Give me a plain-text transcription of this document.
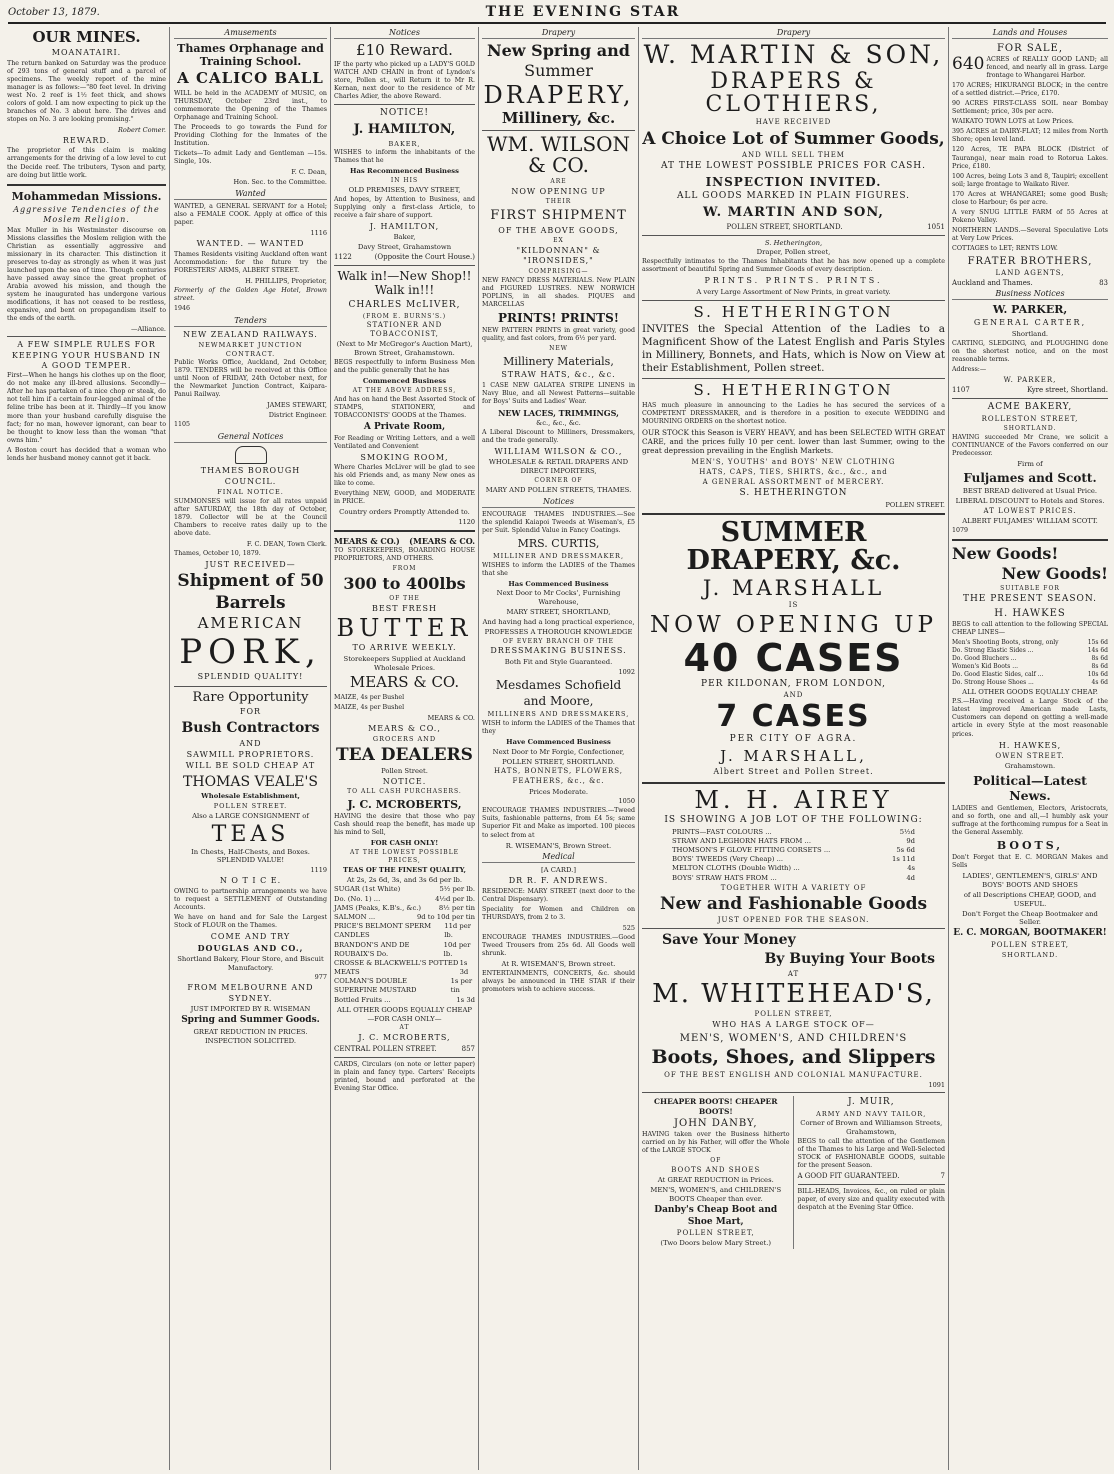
October 13, 1879.	THE EVENING STAR
OUR MINES.
MOANATAIRI.

The return banked on Saturday was the produce of 293 tons of general stuff and a parcel of specimens. The weekly report of the mine manager is as follows:—"80 feet level. In driving west No. 2 reef is 1½ feet thick, and shows colors of gold. I am now expecting to pick up the branches of No. 3 about here. The drives and stopes on No. 3 are looking promising."

Robert Comer.
REWARD.

The proprietor of this claim is making arrangements for the driving of a low level to cut the Decide reef. The tributers, Tyson and party, are doing but little work.

Mohammedan Missions.
Aggressive Tendencies of the Moslem Religion.

Max Muller in his Westminster discourse on Missions classifies the Moslem religion with the Christian as essentially aggressive and missionary in its character. This distinction it preserves to-day as strongly as when it was just launched upon the sea of time. Though centuries have passed away since the great prophet of Arabia avowed his mission, and though the system he inaugurated has undergone various modifications, it has not ceased to be restless, expansive, and bent on propagandism itself to the ends of the earth.

—Alliance.
A FEW SIMPLE RULES FOR KEEPING YOUR HUSBAND IN A GOOD TEMPER.

First—When he hangs his clothes up on the floor, do not make any ill-bred allusions. Secondly—After he has partaken of a nice chop or steak, do not tell him if a certain four-legged animal of the feline tribe has been at it. Thirdly—If you know more than your husband carefully disguise the fact; for no man, however ignorant, can bear to be thought to know less than the woman "that owns him."

A Boston court has decided that a woman who lends her husband money cannot get it back.

Amusements
Thames Orphanage and Training School.
A CALICO BALL

WILL be held in the ACADEMY of MUSIC, on THURSDAY, October 23rd inst., to commemorate the Opening of the Thames Orphanage and Training School.

The Proceeds to go towards the Fund for Providing Clothing for the Inmates of the Institution.

Tickets—To admit Lady and Gentleman —15s. Single, 10s.

F. C. Dean,
Hon. Sec. to the Committee.
Wanted

WANTED, a GENERAL SERVANT for a Hotel; also a FEMALE COOK. Apply at office of this paper.

1116
WANTED. — WANTED

Thames Residents visiting Auckland often want Accommodation: for the future try the FORESTERS' ARMS, ALBERT STREET.

H. PHILLIPS, Proprietor,
Formerly of the Golden Age Hotel, Brown street.
1946
Tenders
NEW ZEALAND RAILWAYS.
NEWMARKET JUNCTION CONTRACT.

Public Works Office, Auckland, 2nd October, 1879. TENDERS will be received at this Office until Noon of FRIDAY, 24th October next, for the Newmarket Junction Contract, Kaipara-Panui Railway.

JAMES STEWART,
District Engineer.
1105
General Notices
THAMES BOROUGH COUNCIL.
FINAL NOTICE.

SUMMONSES will issue for all rates unpaid after SATURDAY, the 18th day of October, 1879. Collector will be at the Council Chambers to receive rates daily up to the above date.

F. C. DEAN, Town Clerk.
Thames, October 10, 1879.
JUST RECEIVED—
Shipment of 50
Barrels
AMERICAN
PORK,
SPLENDID QUALITY!
Rare Opportunity
FOR
Bush Contractors
AND
SAWMILL PROPRIETORS.
WILL BE SOLD CHEAP AT
THOMAS VEALE'S
Wholesale Establishment,
POLLEN STREET.
Also a LARGE CONSIGNMENT of
TEAS
In Chests, Half-Chests, and Boxes. SPLENDID VALUE!
1119
N O T I C E.

OWING to partnership arrangements we have to request a SETTLEMENT of Outstanding Accounts.

We have on hand and for Sale the Largest Stock of FLOUR on the Thames.

COME AND TRY
DOUGLAS AND CO.,
Shortland Bakery, Flour Store, and Biscuit Manufactory.
977
FROM MELBOURNE AND SYDNEY.
JUST IMPORTED BY R. WISEMAN
Spring and Summer Goods.
GREAT REDUCTION IN PRICES. INSPECTION SOLICITED.
Notices
£10 Reward.

IF the party who picked up a LADY'S GOLD WATCH AND CHAIN in front of Lyndon's store, Pollen st., will Return it to Mr R. Kernan, next door to the residence of Mr Charles Adier, the above Reward.

NOTICE!
J. HAMILTON,
BAKER,

WISHES to inform the inhabitants of the Thames that he

Has Recommenced Business
IN HIS
OLD PREMISES, DAVY STREET,

And hopes, by Attention to Business, and Supplying only a first-class Article, to receive a fair share of support.

J. HAMILTON,
Baker,
Davy Street, Grahamstown
1122	(Opposite the Court House.)
Walk in!—New Shop!! Walk in!!!
CHARLES McLIVER,
(FROM E. BURNS'S.)
STATIONER AND TOBACCONIST,
(Next to Mr McGregor's Auction Mart), Brown Street, Grahamstown.

BEGS respectfully to inform Business Men and the public generally that he has

Commenced Business
AT THE ABOVE ADDRESS,

And has on hand the Best Assorted Stock of STAMPS, STATIONERY, and TOBACCONISTS' GOODS at the Thames.

A Private Room,

For Reading or Writing Letters, and a well Ventilated and Convenient

SMOKING ROOM,

Where Charles McLiver will be glad to see his old Friends and, as many New ones as like to come.

Everything NEW, GOOD, and MODERATE in PRICE.

Country orders Promptly Attended to.
1120
MEARS & CO.) (MEARS & CO.

TO STOREKEEPERS, BOARDING HOUSE PROPRIETORS, AND OTHERS.

FROM
300 to 400lbs
OF THE
BEST FRESH
BUTTER
TO ARRIVE WEEKLY.
Storekeepers Supplied at Auckland Wholesale Prices.
MEARS & CO.
MAIZE, 4s per Bushel
MAIZE, 4s per Bushel
MEARS & CO.
MEARS & CO.,
GROCERS AND
TEA DEALERS
Pollen Street.
NOTICE.
TO ALL CASH PURCHASERS.
J. C. MCROBERTS,

HAVING the desire that those who pay Cash should reap the benefit, has made up his mind to Sell,

FOR CASH ONLY!
AT THE LOWEST POSSIBLE PRICES,
TEAS OF THE FINEST QUALITY,
At 2s, 2s 6d, 3s, and 3s 6d per lb.
SUGAR (1st White)	5½ per lb.
Do. (No. 1) ...	4½d per lb.
JAMS (Peaks, K.B's., &c.)	8½ per tin
SALMON ...	9d to 10d per tin
PRICE'S BELMONT SPERM CANDLES
11d per lb.
BRANDON'S AND DE ROUBAIX'S Do.
10d per lb.
CROSSE & BLACKWELL'S POTTED MEATS
1s 3d
COLMAN'S DOUBLE SUPERFINE MUSTARD
1s per tin
Bottled Fruits ...	1s 3d
ALL OTHER GOODS EQUALLY CHEAP —FOR CASH ONLY—
AT
J. C. MCROBERTS,
CENTRAL POLLEN STREET.	857

CARDS, Circulars (on note or letter paper) in plain and fancy type. Carters' Receipts printed, bound and perforated at the Evening Star Office.

Drapery
New Spring and
Summer
DRAPERY,
Millinery, &c.
WM. WILSON & CO.
ARE
NOW OPENING UP
THEIR
FIRST SHIPMENT
OF THE ABOVE GOODS,
EX
"KILDONNAN" & "IRONSIDES,"
COMPRISING—

NEW FANCY DRESS MATERIALS. New PLAIN and FIGURED LUSTRES. NEW NORWICH POPLINS, in all shades. PIQUES and MARCELLAS

PRINTS! PRINTS!

NEW PATTERN PRINTS in great variety, good quality, and fast colors, from 6½ per yard.

NEW
Millinery Materials,
STRAW HATS, &c., &c.

1 CASE NEW GALATEA STRIPE LINENS in Navy Blue, and all Newest Patterns—suitable for Boys' Suits and Ladies' Wear.

NEW LACES, TRIMMINGS,
&c., &c., &c.

A Liberal Discount to Milliners, Dressmakers, and the trade generally.

WILLIAM WILSON & CO.,
WHOLESALE & RETAIL DRAPERS AND DIRECT IMPORTERS,
CORNER OF
MARY AND POLLEN STREETS, THAMES.
Notices

ENCOURAGE THAMES INDUSTRIES.—See the splendid Kaiapoi Tweeds at Wiseman's, £5 per Suit. Splendid Value in Fancy Coatings.

MRS. CURTIS,
MILLINER AND DRESSMAKER,

WISHES to inform the LADIES of the Thames that she

Has Commenced Business
Next Door to Mr Cocks', Furnishing Warehouse,
MARY STREET, SHORTLAND,
And having had a long practical experience,
PROFESSES A THOROUGH KNOWLEDGE
OF EVERY BRANCH OF THE
DRESSMAKING BUSINESS.
Both Fit and Style Guaranteed.
1092
Mesdames Schofield
and Moore,
MILLINERS AND DRESSMAKERS,

WISH to inform the LADIES of the Thames that they

Have Commenced Business
Next Door to Mr Forgie, Confectioner,
POLLEN STREET, SHORTLAND.
HATS, BONNETS, FLOWERS,
FEATHERS, &c., &c.
Prices Moderate.
1050

ENCOURAGE THAMES INDUSTRIES.—Tweed Suits, fashionable patterns, from £4 5s; same Superior Fit and Make as imported. 100 pieces to select from at

R. WISEMAN'S, Brown Street.
Medical
[A CARD.]
DR R. F. ANDREWS.

RESIDENCE: MARY STREET (next door to the Central Dispensary).

Speciality for Women and Children on THURSDAYS, from 2 to 3.

525

ENCOURAGE THAMES INDUSTRIES.—Good Tweed Trousers from 25s 6d. All Goods well shrunk.

At R. WISEMAN'S, Brown street.

ENTERTAINMENTS, CONCERTS, &c. should always be announced in THE STAR if their promoters wish to achieve success.

Drapery
W. MARTIN & SON,
DRAPERS & CLOTHIERS,
HAVE RECEIVED
A Choice Lot of Summer Goods,
AND WILL SELL THEM
AT THE LOWEST POSSIBLE PRICES FOR CASH.
INSPECTION INVITED.
ALL GOODS MARKED IN PLAIN FIGURES.
W. MARTIN AND SON,
POLLEN STREET, SHORTLAND.	1051
S. Hetherington,
Draper, Pollen street,

Respectfully intimates to the Thames Inhabitants that he has now opened up a complete assortment of beautiful Spring and Summer Goods of every description.

PRINTS. PRINTS. PRINTS.
A very Large Assortment of New Prints, in great variety.
S. HETHERINGTON

INVITES the Special Attention of the Ladies to a Magnificent Show of the Latest English and Paris Styles in Millinery, Bonnets, and Hats, which is Now on View at their Establishment, Pollen street.

S. HETHERINGTON

HAS much pleasure in announcing to the Ladies he has secured the services of a COMPETENT DRESSMAKER, and is therefore in a position to execute WEDDING and MOURNING ORDERS on the shortest notice.

OUR STOCK this Season is VERY HEAVY, and has been SELECTED WITH GREAT CARE, and the prices fully 10 per cent. lower than last Summer, owing to the great depression prevailing in the English Markets.

MEN'S, YOUTHS' and BOYS' NEW CLOTHING
HATS, CAPS, TIES, SHIRTS, &c., &c., and
A GENERAL ASSORTMENT of MERCERY.
S. HETHERINGTON
POLLEN STREET.
SUMMER DRAPERY, &c.
J. MARSHALL
IS
NOW OPENING UP
40 CASES
PER KILDONAN, FROM LONDON,
AND
7 CASES
PER CITY OF AGRA.
J. MARSHALL,
Albert Street and Pollen Street.
M. H. AIREY
IS SHOWING A JOB LOT OF THE FOLLOWING:
PRINTS—FAST COLOURS ...	5½d
STRAW AND LEGHORN HATS FROM ...	9d
THOMSON'S F GLOVE FITTING CORSETS ...	5s 6d
BOYS' TWEEDS (Very Cheap) ...	1s 11d
MELTON CLOTHS (Double Width) ...	4s
BOYS' STRAW HATS FROM ...	4d
TOGETHER WITH A VARIETY OF
New and Fashionable Goods
JUST OPENED FOR THE SEASON.
Save Your Money
By Buying Your Boots
AT
M. WHITEHEAD'S,
POLLEN STREET,
WHO HAS A LARGE STOCK OF—
MEN'S, WOMEN'S, AND CHILDREN'S
Boots, Shoes, and Slippers
OF THE BEST ENGLISH AND COLONIAL MANUFACTURE.
1091
CHEAPER BOOTS! CHEAPER BOOTS!
JOHN DANBY,

HAVING taken over the Business hitherto carried on by his Father, will offer the Whole of the LARGE STOCK

OF
BOOTS AND SHOES
At GREAT REDUCTION in Prices.
MEN'S, WOMEN'S, and CHILDREN'S BOOTS Cheaper than ever.
Danby's Cheap Boot and Shoe Mart,
POLLEN STREET,
(Two Doors below Mary Street.)
J. MUIR,
ARMY AND NAVY TAILOR,
Corner of Brown and Williamson Streets, Grahamstown,

BEGS to call the attention of the Gentlemen of the Thames to his Large and Well-Selected STOCK of FASHIONABLE GOODS, suitable for the present Season.

A GOOD FIT GUARANTEED.	7

BILL-HEADS, Invoices, &c., on ruled or plain paper, of every size and quality executed with despatch at the Evening Star Office.

Lands and Houses
FOR SALE,
640 ACRES of REALLY GOOD LAND; all fenced, and nearly all in grass. Large frontage to Whangarei Harbor.

170 ACRES; HIKURANGI BLOCK; in the centre of a settled district.—Price, £170.

90 ACRES FIRST-CLASS SOIL near Bombay Settlement; price, 30s per acre.

WAIKATO TOWN LOTS at Low Prices.

395 ACRES at DAIRY-FLAT; 12 miles from North Shore; open level land.

120 Acres, TE PAPA BLOCK (District of Tauranga), near main road to Rotorua Lakes. Price, £180.

100 Acres, being Lots 3 and 8, Taupiri; excellent soil; large frontage to Waikato River.

170 Acres at WHANGAREI; some good Bush; close to Harbour; 6s per acre.

A very SNUG LITTLE FARM of 55 Acres at Pokeno Valley.

NORTHERN LANDS.—Several Speculative Lots at Very Low Prices.

COTTAGES to LET; RENTS LOW.

FRATER BROTHERS,
LAND AGENTS,
Auckland and Thames.	83
Business Notices
W. PARKER,
GENERAL CARTER,
Shortland.

CARTING, SLEDGING, and PLOUGHING done on the shortest notice, and on the most reasonable terms.

Address:—
W. PARKER,
1107	Kyre street, Shortland.
ACME BAKERY,
ROLLESTON STREET,
SHORTLAND.

HAVING succeeded Mr Crane, we solicit a CONTINUANCE of the Favors conferred on our Predecessor.

Firm of
Fuljames and Scott.
BEST BREAD delivered at Usual Price.
LIBERAL DISCOUNT to Hotels and Stores.
AT LOWEST PRICES.
ALBERT FULJAMES' WILLIAM SCOTT.
1079
New Goods!
New Goods!
SUITABLE FOR
THE PRESENT SEASON.
H. HAWKES

BEGS to call attention to the following SPECIAL CHEAP LINES—

Men's Shooting Boots, strong, only	15s 6d
Do. Strong Elastic Sides ...	14s 6d
Do. Good Bluchers ...	8s 6d
Women's Kid Boots ...	8s 6d
Do. Good Elastic Sides, calf ...	10s 6d
Do. Strong House Shoes ...	4s 6d
ALL OTHER GOODS EQUALLY CHEAP.

P.S.—Having received a Large Stock of the latest improved American made Lasts, Customers can depend on getting a well-made article in every Style at the most reasonable prices.

H. HAWKES,
OWEN STREET.
Grahamstown.
Political—Latest News.

LADIES and Gentlemen, Electors, Aristocrats, and so forth, one and all,—I humbly ask your suffrage at the forthcoming rumpus for a Seat in the General Assembly.

BOOTS,

Don't Forget that E. C. MORGAN Makes and Sells

LADIES', GENTLEMEN'S, GIRLS' AND BOYS' BOOTS AND SHOES
of all Descriptions CHEAP, GOOD, and USEFUL.
Don't Forget the Cheap Bootmaker and Seller.
E. C. MORGAN, BOOTMAKER!
POLLEN STREET,
SHORTLAND.
